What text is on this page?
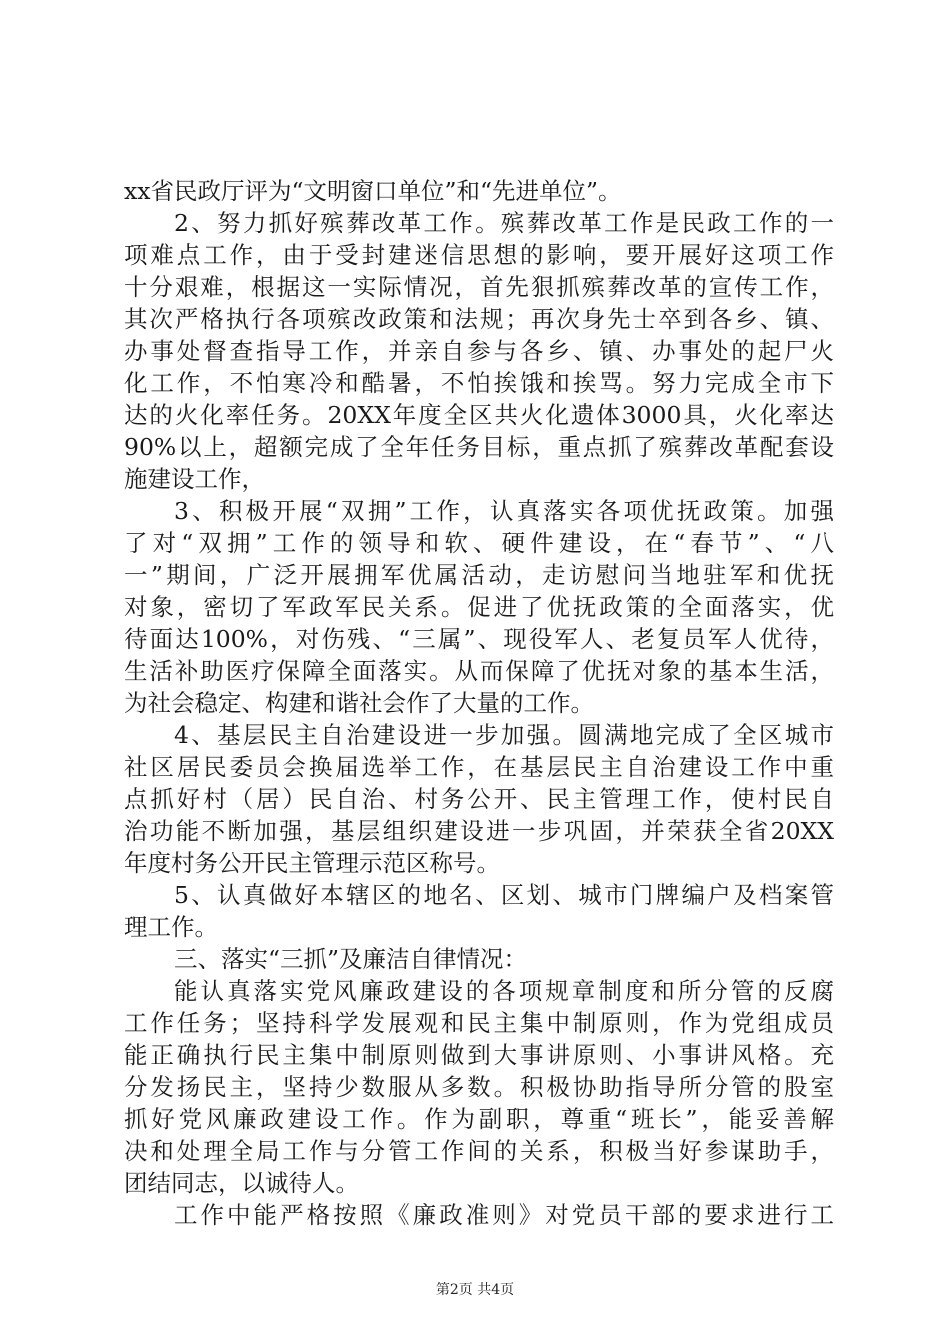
xx省民政厅评为“文明窗口单位”和“先进单位”。
2、努力抓好殡葬改革工作。殡葬改革工作是民政工作的一
项难点工作，由于受封建迷信思想的影响，要开展好这项工作
十分艰难，根据这一实际情况，首先狠抓殡葬改革的宣传工作，
其次严格执行各项殡改政策和法规；再次身先士卒到各乡、镇、
办事处督查指导工作，并亲自参与各乡、镇、办事处的起尸火
化工作，不怕寒冷和酷暑，不怕挨饿和挨骂。努力完成全市下
达的火化率任务。20XX年度全区共火化遗体3000具，火化率达
90%以上，超额完成了全年任务目标，重点抓了殡葬改革配套设
施建设工作，
3、积极开展“双拥”工作，认真落实各项优抚政策。加强
了对“双拥”工作的领导和软、硬件建设，在“春节”、“八
一”期间，广泛开展拥军优属活动，走访慰问当地驻军和优抚
对象，密切了军政军民关系。促进了优抚政策的全面落实，优
待面达100%，对伤残、“三属”、现役军人、老复员军人优待，
生活补助医疗保障全面落实。从而保障了优抚对象的基本生活，
为社会稳定、构建和谐社会作了大量的工作。
4、基层民主自治建设进一步加强。圆满地完成了全区城市
社区居民委员会换届选举工作，在基层民主自治建设工作中重
点抓好村（居）民自治、村务公开、民主管理工作，使村民自
治功能不断加强，基层组织建设进一步巩固，并荣获全省20XX
年度村务公开民主管理示范区称号。
5、认真做好本辖区的地名、区划、城市门牌编户及档案管
理工作。
三、落实“三抓”及廉洁自律情况：
能认真落实党风廉政建设的各项规章制度和所分管的反腐
工作任务；坚持科学发展观和民主集中制原则，作为党组成员
能正确执行民主集中制原则做到大事讲原则、小事讲风格。充
分发扬民主，坚持少数服从多数。积极协助指导所分管的股室
抓好党风廉政建设工作。作为副职，尊重“班长”，能妥善解
决和处理全局工作与分管工作间的关系，积极当好参谋助手，
团结同志，以诚待人。
工作中能严格按照《廉政准则》对党员干部的要求进行工
第2页 共4页
